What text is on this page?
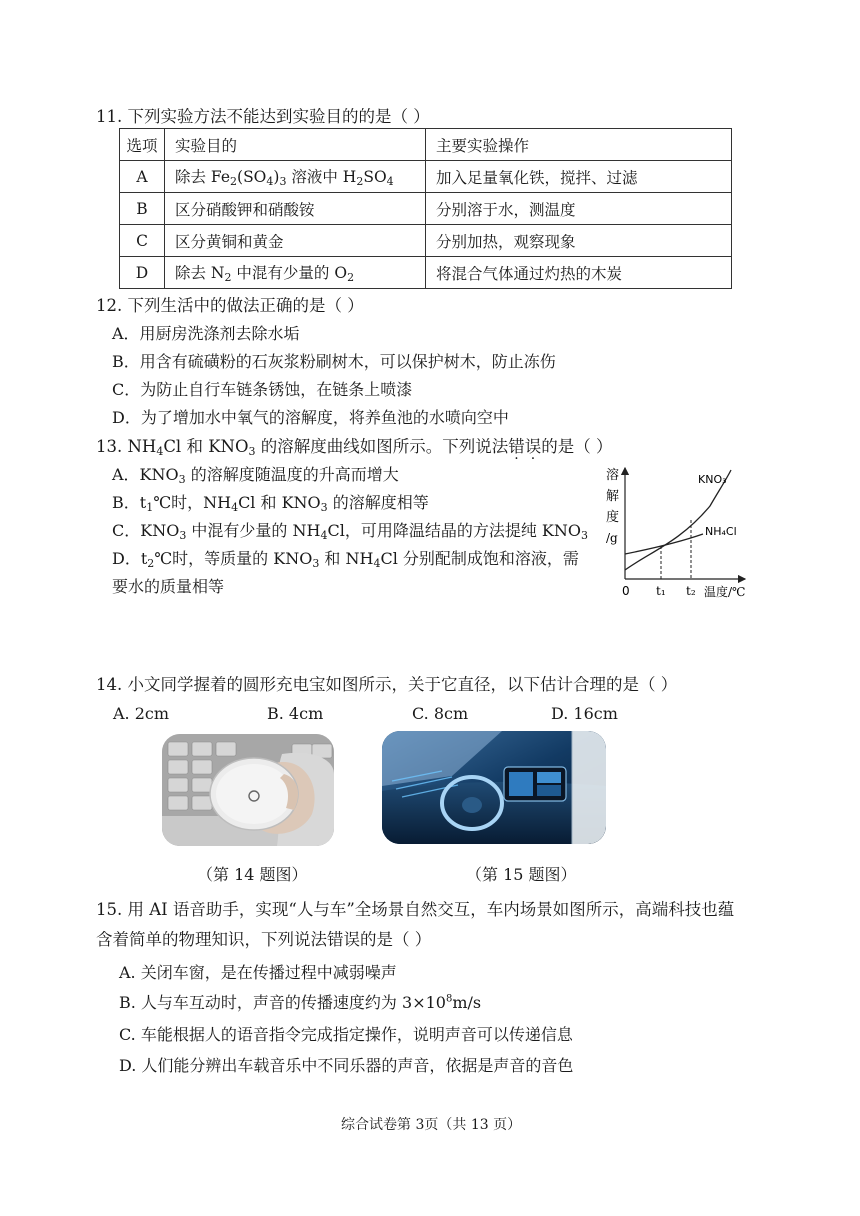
11. 下列实验方法不能达到实验目的的是（ ）
选项	实验目的	主要实验操作
A	除去 $Fe_2(SO_4)_3$ 溶液中 $H_2SO_4$	加入足量氧化铁，搅拌、过滤
B	区分硝酸钾和硝酸铵	分别溶于水，测温度
C	区分黄铜和黄金	分别加热，观察现象
D	除去 $N_2$ 中混有少量的 $O_2$	将混合气体通过灼热的木炭
12. 下列生活中的做法正确的是（ ）
A．用厨房洗涤剂去除水垢
B．用含有硫磺粉的石灰浆粉刷树木，可以保护树木，防止冻伤
C．为防止自行车链条锈蚀，在链条上喷漆
D．为了增加水中氧气的溶解度，将养鱼池的水喷向空中
13. $NH_4Cl$ 和 $KNO_3$ 的溶解度曲线如图所示。下列说法错误的是（ ）
A．$KNO_3$ 的溶解度随温度的升高而增大
B．$t_1℃$时，$NH_4Cl$ 和 $KNO_3$ 的溶解度相等
C．$KNO_3$ 中混有少量的 $NH_4Cl$，可用降温结晶的方法提纯 $KNO_3$
D．$t_2℃$时，等质量的 $KNO_3$ 和 $NH_4Cl$ 分别配制成饱和溶液，需
要水的质量相等
溶
解
度
/g
0 t₁ t₂ 温度/℃
KNO₃
NH₄Cl
14. 小文同学握着的圆形充电宝如图所示，关于它直径，以下估计合理的是（ ）
A. 2cm	B. 4cm	C. 8cm	D. 16cm
（第 14 题图）	（第 15 题图）
15. 用 AI 语音助手，实现“人与车”全场景自然交互，车内场景如图所示，高端科技也蕴
含着简单的物理知识，下列说法错误的是（ ）
A. 关闭车窗，是在传播过程中减弱噪声
B. 人与车互动时，声音的传播速度约为 $3\times 10^8m/s$
C. 车能根据人的语音指令完成指定操作，说明声音可以传递信息
D. 人们能分辨出车载音乐中不同乐器的声音，依据是声音的音色
综合试卷第 3页（共 13 页）
